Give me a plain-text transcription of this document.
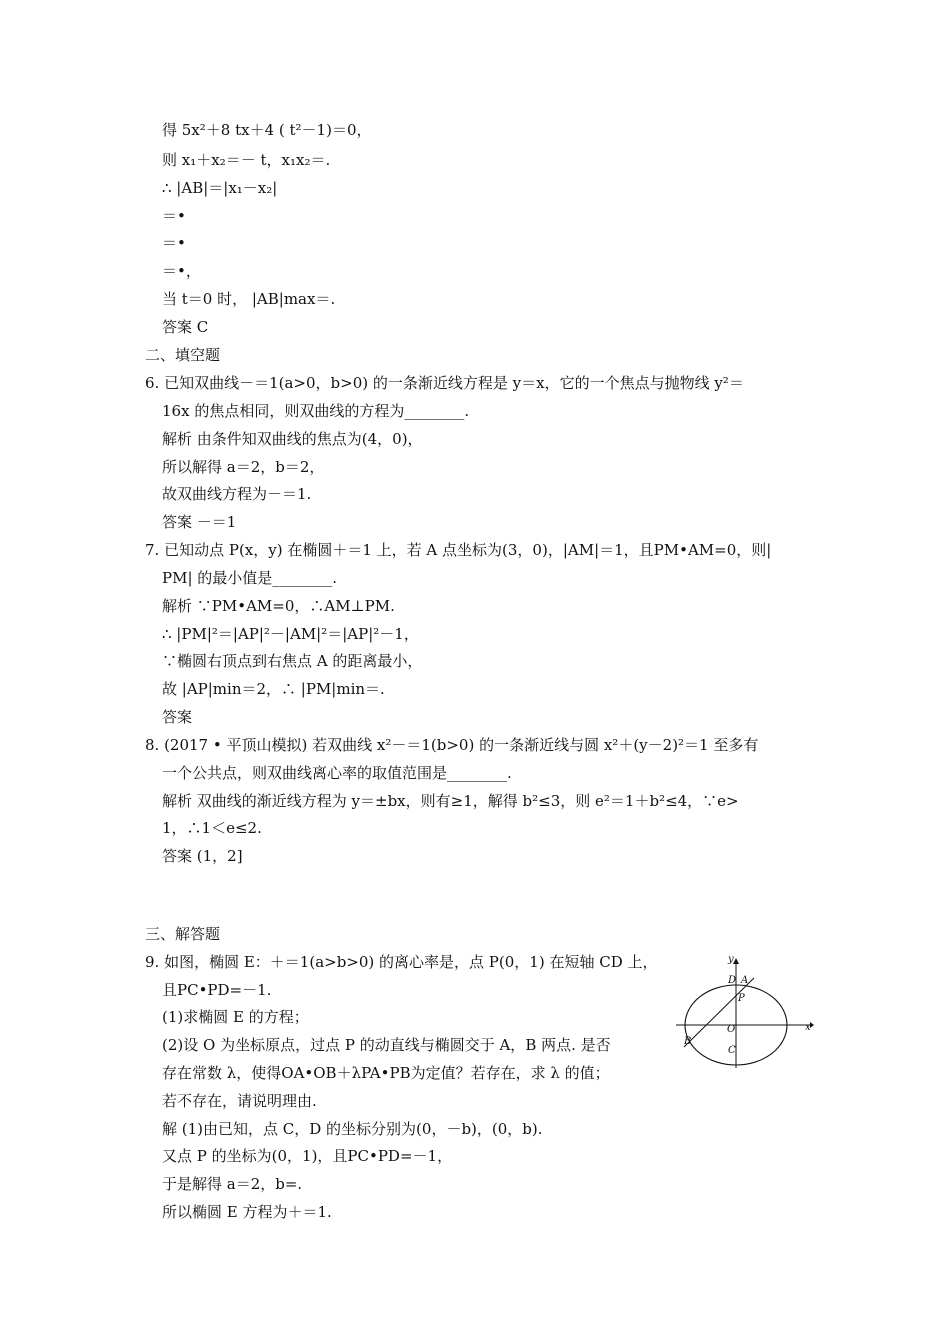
得 5x²＋8 tx＋4 ( t²－1)＝0，
则 x₁＋x₂＝－ t，x₁x₂＝.
∴ |AB|＝|x₁－x₂|
＝•
＝•
＝•，
当 t＝0 时， |AB|max＝.
答案 C
二、填空题
6. 已知双曲线－＝1(a>0，b>0) 的一条渐近线方程是 y＝x，它的一个焦点与抛物线 y²＝
16x 的焦点相同，则双曲线的方程为________.
解析 由条件知双曲线的焦点为(4，0)，
所以解得 a＝2，b＝2，
故双曲线方程为－＝1.
答案 －＝1
7. 已知动点 P(x，y) 在椭圆＋＝1 上，若 A 点坐标为(3，0)，|AM|＝1，且PM•AM=0，则|
PM| 的最小值是________.
解析 ∵PM•AM=0，∴AM⊥PM.
∴ |PM|²＝|AP|²－|AM|²＝|AP|²－1，
∵椭圆右顶点到右焦点 A 的距离最小，
故 |AP|min＝2，∴ |PM|min＝.
答案
8. (2017 • 平顶山模拟) 若双曲线 x²－＝1(b>0) 的一条渐近线与圆 x²＋(y－2)²＝1 至多有
一个公共点，则双曲线离心率的取值范围是________.
解析 双曲线的渐近线方程为 y＝±bx，则有≥1，解得 b²≤3，则 e²＝1＋b²≤4，∵e>
1，∴1＜e≤2.
答案 (1，2]
三、解答题
9. 如图，椭圆 E：＋＝1(a>b>0) 的离心率是，点 P(0，1) 在短轴 CD 上，
且PC•PD=－1.
(1)求椭圆 E 的方程；
(2)设 O 为坐标原点，过点 P 的动直线与椭圆交于 A，B 两点. 是否
存在常数 λ，使得OA•OB＋λPA•PB为定值？若存在，求 λ 的值；
若不存在，请说明理由.
解 (1)由已知，点 C，D 的坐标分别为(0，－b)，(0，b).
又点 P 的坐标为(0，1)，且PC•PD=－1，
于是解得 a＝2，b=.
所以椭圆 E 方程为＋＝1.
y
x
D A
P
O
B
C
